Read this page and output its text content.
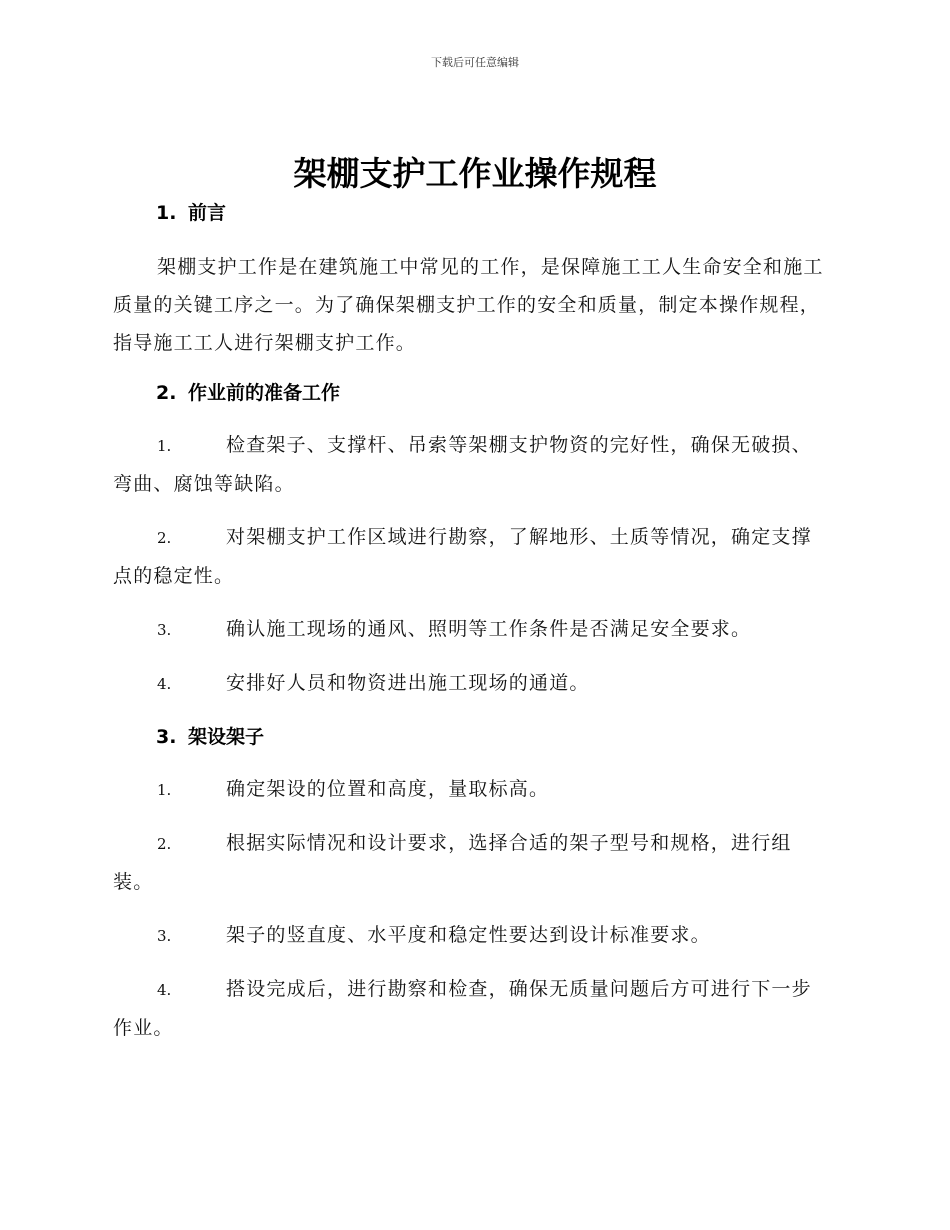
下载后可任意编辑
架棚支护工作业操作规程
1. 前言

架棚支护工作是在建筑施工中常见的工作，是保障施工工人生命安全和施工质量的关键工序之一。为了确保架棚支护工作的安全和质量，制定本操作规程，指导施工工人进行架棚支护工作。

2. 作业前的准备工作

1.	检查架子、支撑杆、吊索等架棚支护物资的完好性，确保无破损、弯曲、腐蚀等缺陷。

2.	对架棚支护工作区域进行勘察，了解地形、土质等情况，确定支撑点的稳定性。

3.	确认施工现场的通风、照明等工作条件是否满足安全要求。

4.	安排好人员和物资进出施工现场的通道。

3. 架设架子

1.	确定架设的位置和高度，量取标高。

2.	根据实际情况和设计要求，选择合适的架子型号和规格，进行组装。

3.	架子的竖直度、水平度和稳定性要达到设计标准要求。

4.	搭设完成后，进行勘察和检查，确保无质量问题后方可进行下一步作业。
